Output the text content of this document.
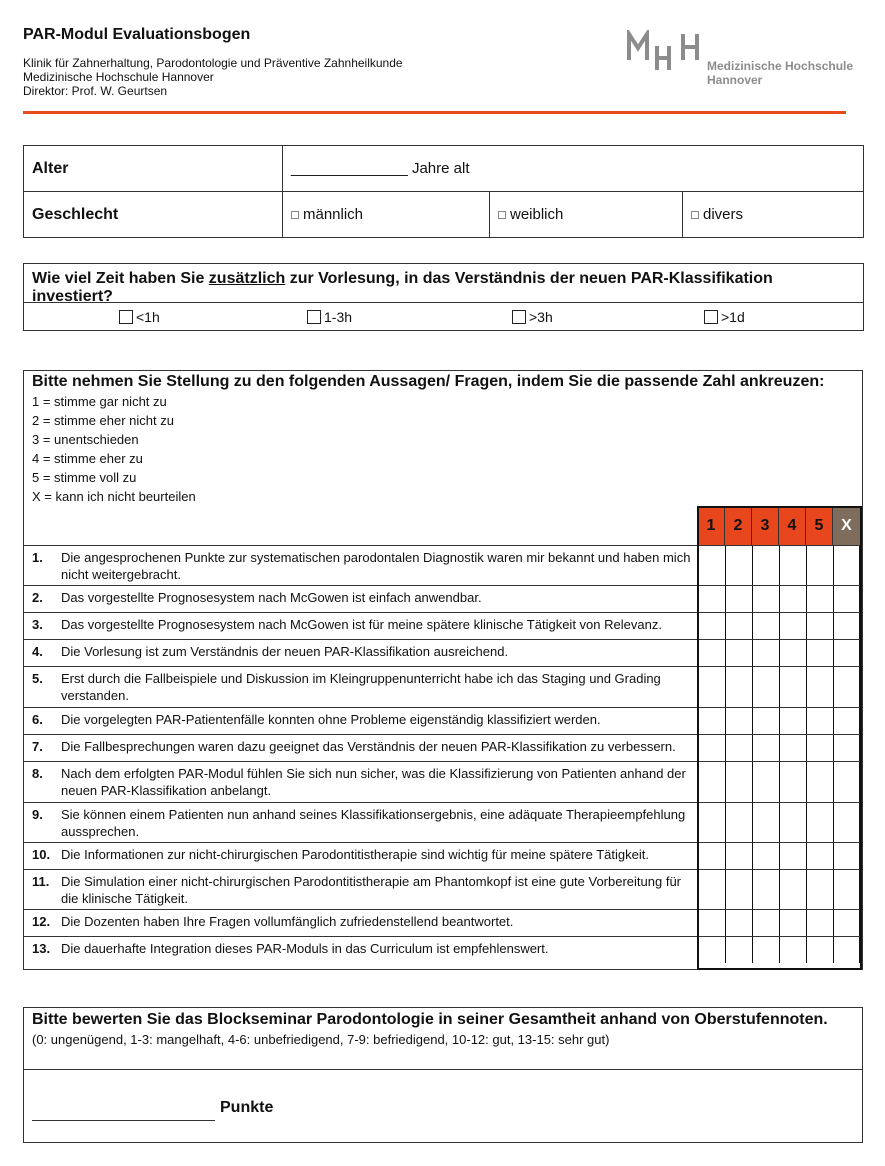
PAR-Modul Evaluationsbogen
Klinik für Zahnerhaltung, Parodontologie und Präventive Zahnheilkunde
Medizinische Hochschule Hannover
Direktor: Prof. W. Geurtsen
Medizinische Hochschule
Hannover
Alter	______________ Jahre alt		
Geschlecht	männlich	weiblich	divers
Wie viel Zeit haben Sie zusätzlich zur Vorlesung, in das Verständnis der neuen PAR-Klassifikation investiert?
<1h	1-3h	>3h	>1d
Bitte nehmen Sie Stellung zu den folgenden Aussagen/ Fragen, indem Sie die passende Zahl ankreuzen:
1 = stimme gar nicht zu
2 = stimme eher nicht zu
3 = unentschieden
4 = stimme eher zu
5 = stimme voll zu
X = kann ich nicht beurteilen
1	2	3	4	5	X
1. Die angesprochenen Punkte zur systematischen parodontalen Diagnostik waren mir bekannt und haben mich nicht weitergebracht.
2. Das vorgestellte Prognosesystem nach McGowen ist einfach anwendbar.
3. Das vorgestellte Prognosesystem nach McGowen ist für meine spätere klinische Tätigkeit von Relevanz.
4. Die Vorlesung ist zum Verständnis der neuen PAR-Klassifikation ausreichend.
5. Erst durch die Fallbeispiele und Diskussion im Kleingruppenunterricht habe ich das Staging und Grading verstanden.
6. Die vorgelegten PAR-Patientenfälle konnten ohne Probleme eigenständig klassifiziert werden.
7. Die Fallbesprechungen waren dazu geeignet das Verständnis der neuen PAR-Klassifikation zu verbessern.
8. Nach dem erfolgten PAR-Modul fühlen Sie sich nun sicher, was die Klassifizierung von Patienten anhand der neuen PAR-Klassifikation anbelangt.
9. Sie können einem Patienten nun anhand seines Klassifikationsergebnis, eine adäquate Therapieempfehlung aussprechen.
10. Die Informationen zur nicht-chirurgischen Parodontitistherapie sind wichtig für meine spätere Tätigkeit.
11. Die Simulation einer nicht-chirurgischen Parodontitistherapie am Phantomkopf ist eine gute Vorbereitung für die klinische Tätigkeit.
12. Die Dozenten haben Ihre Fragen vollumfänglich zufriedenstellend beantwortet.
13. Die dauerhafte Integration dieses PAR-Moduls in das Curriculum ist empfehlenswert.
Bitte bewerten Sie das Blockseminar Parodontologie in seiner Gesamtheit anhand von Oberstufennoten.
(0: ungenügend, 1-3: mangelhaft, 4-6: unbefriedigend, 7-9: befriedigend, 10-12: gut, 13-15: sehr gut)
Punkte
